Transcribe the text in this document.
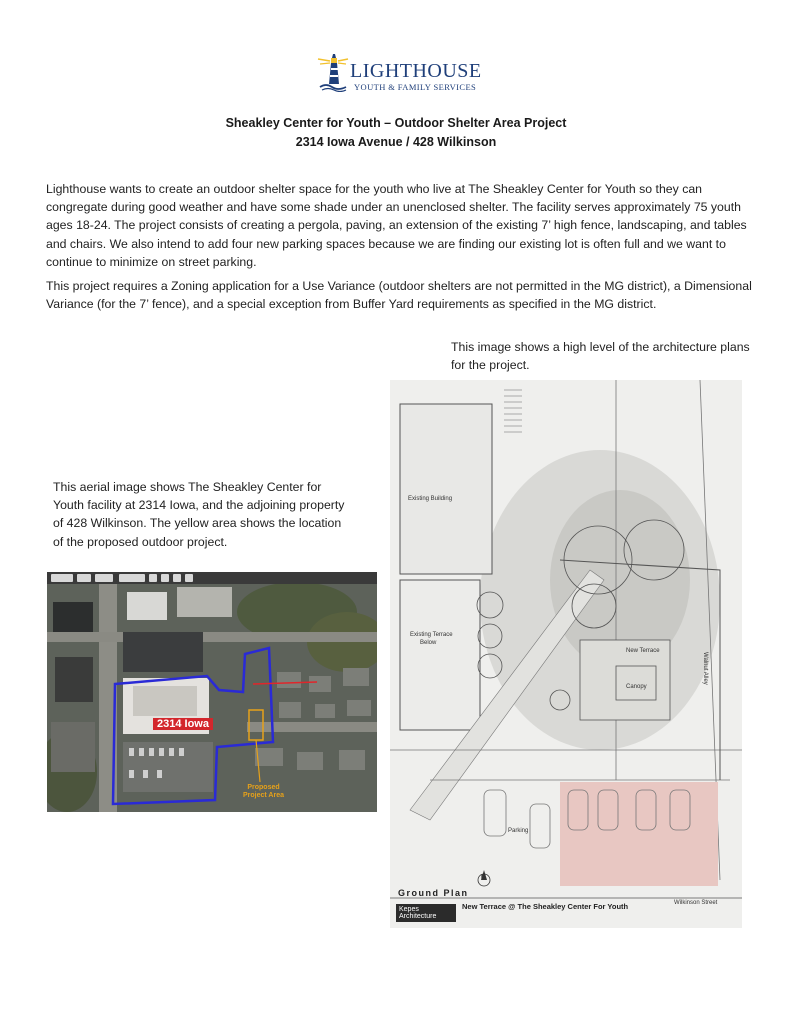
LIGHTHOUSE
YOUTH & FAMILY SERVICES
Sheakley Center for Youth – Outdoor Shelter Area Project
2314 Iowa Avenue / 428 Wilkinson

Lighthouse wants to create an outdoor shelter space for the youth who live at The Sheakley Center for Youth so they can congregate during good weather and have some shade under an unenclosed shelter. The facility serves approximately 75 youth ages 18-24. The project consists of creating a pergola, paving, an extension of the existing 7’ high fence, landscaping, and tables and chairs. We also intend to add four new parking spaces because we are finding our existing lot is often full and we want to continue to minimize on street parking.

This project requires a Zoning application for a Use Variance (outdoor shelters are not permitted in the MG district), a Dimensional Variance (for the 7’ fence), and a special exception from Buffer Yard requirements as specified in the MG district.

This image shows a high level of the architecture plans for the project.

This aerial image shows The Sheakley Center for Youth facility at 2314 Iowa, and the adjoining property of 428 Wilkinson. The yellow area shows the location of the proposed outdoor project.

2314 Iowa
Proposed
Project Area
Existing Building
Existing Terrace
Below
New Terrace
Canopy
Parking
Walnut Alley
Wilkinson Street
N
Ground Plan
Kepes Architecture
New Terrace @ The Sheakley Center For Youth
